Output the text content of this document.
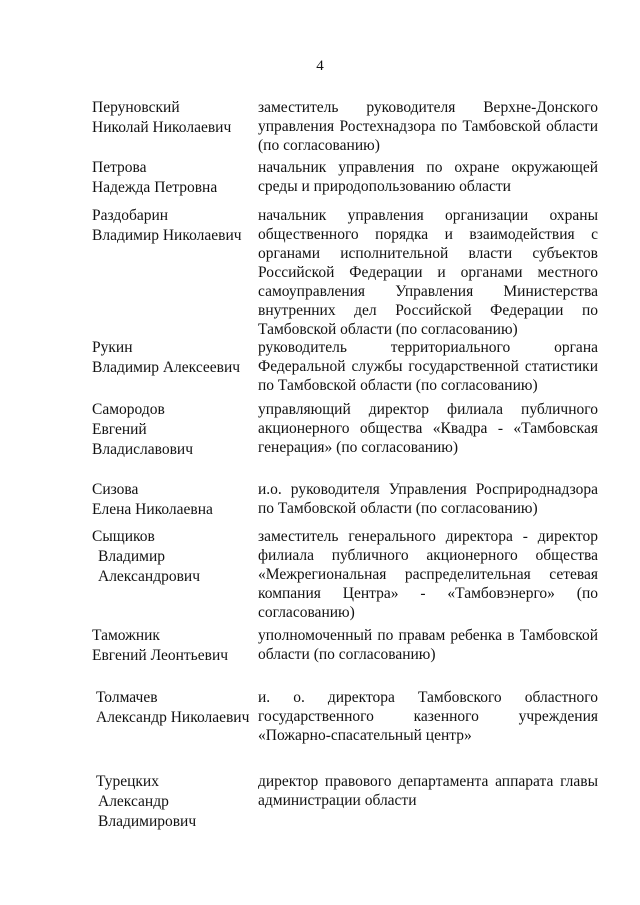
4
Перуновский
Николай Николаевич
заместитель руководителя Верхне-Донского управления Ростехнадзора по Тамбовской области (по согласованию)
Петрова
Надежда Петровна
начальник управления по охране окружающей среды и природопользованию области
Раздобарин
Владимир Николаевич
начальник управления организации охраны общественного порядка и взаимодействия с органами исполнительной власти субъектов Российской Федерации и органами местного самоуправления Управления Министерства внутренних дел Российской Федерации по Тамбовской области (по согласованию)
Рукин
Владимир Алексеевич
руководитель территориального органа Федеральной службы государственной статистики по Тамбовской области (по согласованию)
Самородов
Евгений
Владиславович
управляющий директор филиала публичного акционерного общества «Квадра - «Тамбовская генерация» (по согласованию)
Сизова
Елена Николаевна
и.о. руководителя Управления Росприроднадзора по Тамбовской области (по согласованию)
Сыщиков
Владимир
Александрович
заместитель генерального директора - директор филиала публичного акционерного общества «Межрегиональная распределительная сетевая компания Центра» - «Тамбовэнерго» (по согласованию)
Таможник
Евгений Леонтьевич
уполномоченный по правам ребенка в Тамбовской области (по согласованию)
Толмачев
Александр Николаевич
и. о. директора Тамбовского областного государственного казенного учреждения «Пожарно-спасательный центр»
Турецких
Александр
Владимирович
директор правового департамента аппарата главы администрации области
